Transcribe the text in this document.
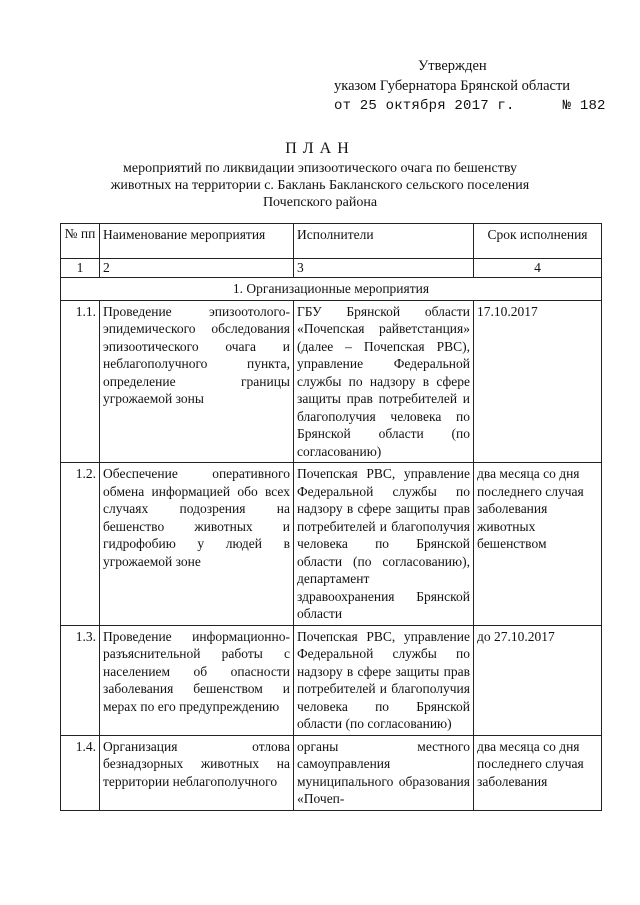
Утвержден
указом Губернатора Брянской области
от 25 октября 2017 г.	№ 182
ПЛАН
мероприятий по ликвидации эпизоотического очага по бешенству
животных на территории с. Баклань Бакланского сельского поселения
Почепского района
№ пп	Наименование мероприятия	Исполнители	Срок исполнения
1	2	3	4
1. Организационные мероприятия			
1.1.	Проведение эпизоотолого-эпидемического обследования эпизоотического очага и неблагополучного пункта, определение границы угрожаемой зоны	ГБУ Брянской области «Почепская райветстанция» (далее – Почепская РВС), управление Федеральной службы по надзору в сфере защиты прав потребителей и благополучия человека по Брянской области (по согласованию)	17.10.2017
1.2.	Обеспечение оперативного обмена информацией обо всех случаях подозрения на бешенство животных и гидрофобию у людей в угрожаемой зоне	Почепская РВС, управление Федеральной службы по надзору в сфере защиты прав потребителей и благополучия человека по Брянской области (по согласованию), департамент здравоохранения Брянской области	два месяца со дня последнего случая заболевания животных бешенством
1.3.	Проведение информационно-разъяснительной работы с населением об опасности заболевания бешенством и мерах по его предупреждению	Почепская РВС, управление Федеральной службы по надзору в сфере защиты прав потребителей и благополучия человека по Брянской области (по согласованию)	до 27.10.2017
1.4.	Организация отлова безнадзорных животных на территории неблагополучного	органы местного самоуправления муниципального образования «Почеп-	два месяца со дня последнего случая заболевания
